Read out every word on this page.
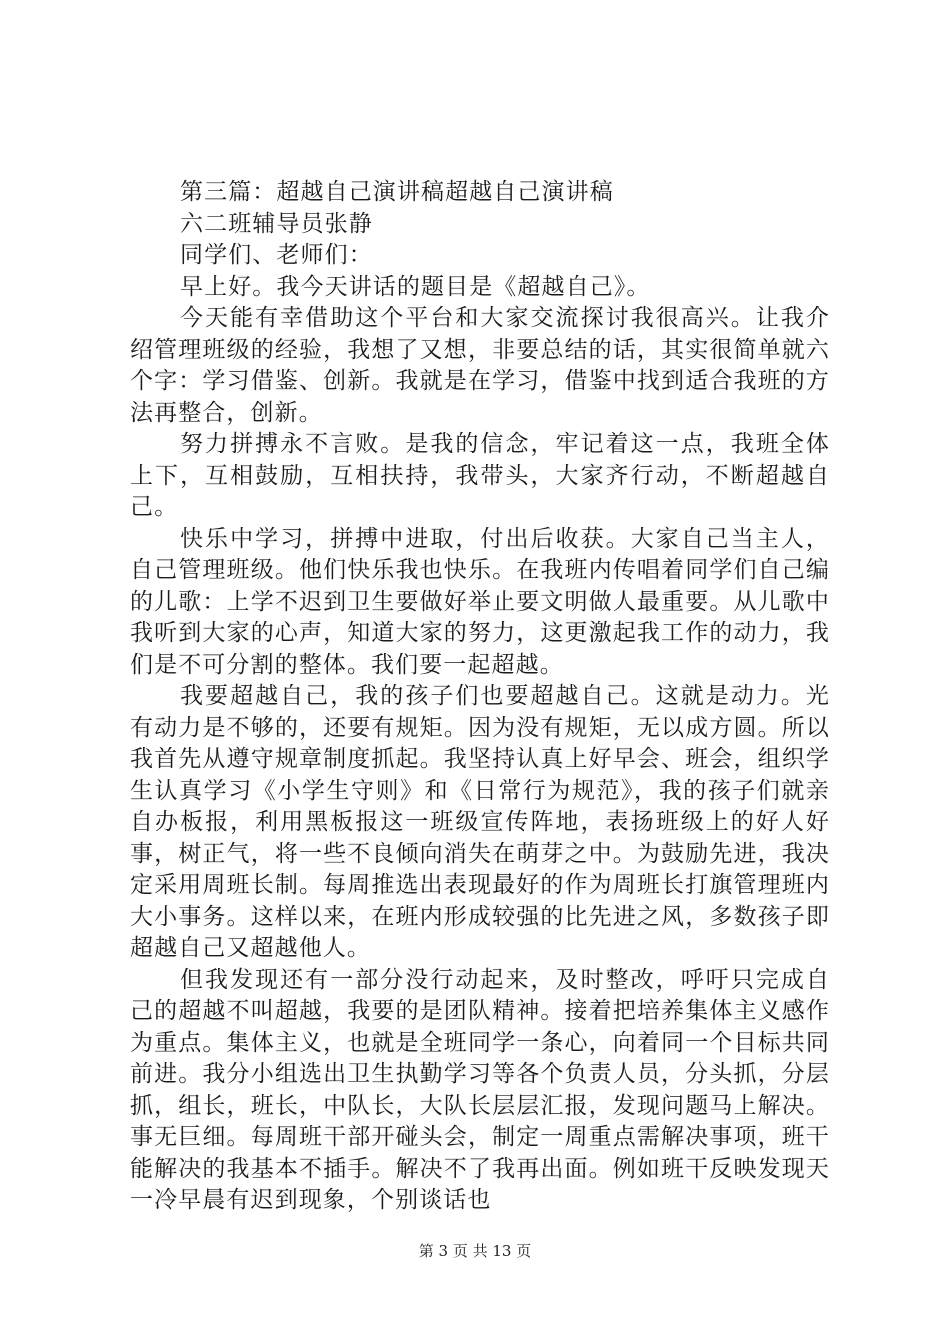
第三篇：超越自己演讲稿超越自己演讲稿

六二班辅导员张静

同学们、老师们：

早上好。我今天讲话的题目是《超越自己》。

今天能有幸借助这个平台和大家交流探讨我很高兴。让我介绍管理班级的经验，我想了又想，非要总结的话，其实很简单就六个字：学习借鉴、创新。我就是在学习，借鉴中找到适合我班的方法再整合，创新。

努力拼搏永不言败。是我的信念，牢记着这一点，我班全体上下，互相鼓励，互相扶持，我带头，大家齐行动，不断超越自己。

快乐中学习，拼搏中进取，付出后收获。大家自己当主人，自己管理班级。他们快乐我也快乐。在我班内传唱着同学们自己编的儿歌：上学不迟到卫生要做好举止要文明做人最重要。从儿歌中我听到大家的心声，知道大家的努力，这更激起我工作的动力，我们是不可分割的整体。我们要一起超越。

我要超越自己，我的孩子们也要超越自己。这就是动力。光有动力是不够的，还要有规矩。因为没有规矩，无以成方圆。所以我首先从遵守规章制度抓起。我坚持认真上好早会、班会，组织学生认真学习《小学生守则》和《日常行为规范》，我的孩子们就亲自办板报，利用黑板报这一班级宣传阵地，表扬班级上的好人好事，树正气，将一些不良倾向消失在萌芽之中。为鼓励先进，我决定采用周班长制。每周推选出表现最好的作为周班长打旗管理班内大小事务。这样以来，在班内形成较强的比先进之风，多数孩子即超越自己又超越他人。

但我发现还有一部分没行动起来，及时整改，呼吁只完成自己的超越不叫超越，我要的是团队精神。接着把培养集体主义感作为重点。集体主义，也就是全班同学一条心，向着同一个目标共同前进。我分小组选出卫生执勤学习等各个负责人员，分头抓，分层抓，组长，班长，中队长，大队长层层汇报，发现问题马上解决。事无巨细。每周班干部开碰头会，制定一周重点需解决事项，班干能解决的我基本不插手。解决不了我再出面。例如班干反映发现天一冷早晨有迟到现象，个别谈话也

第 3 页 共 13 页
